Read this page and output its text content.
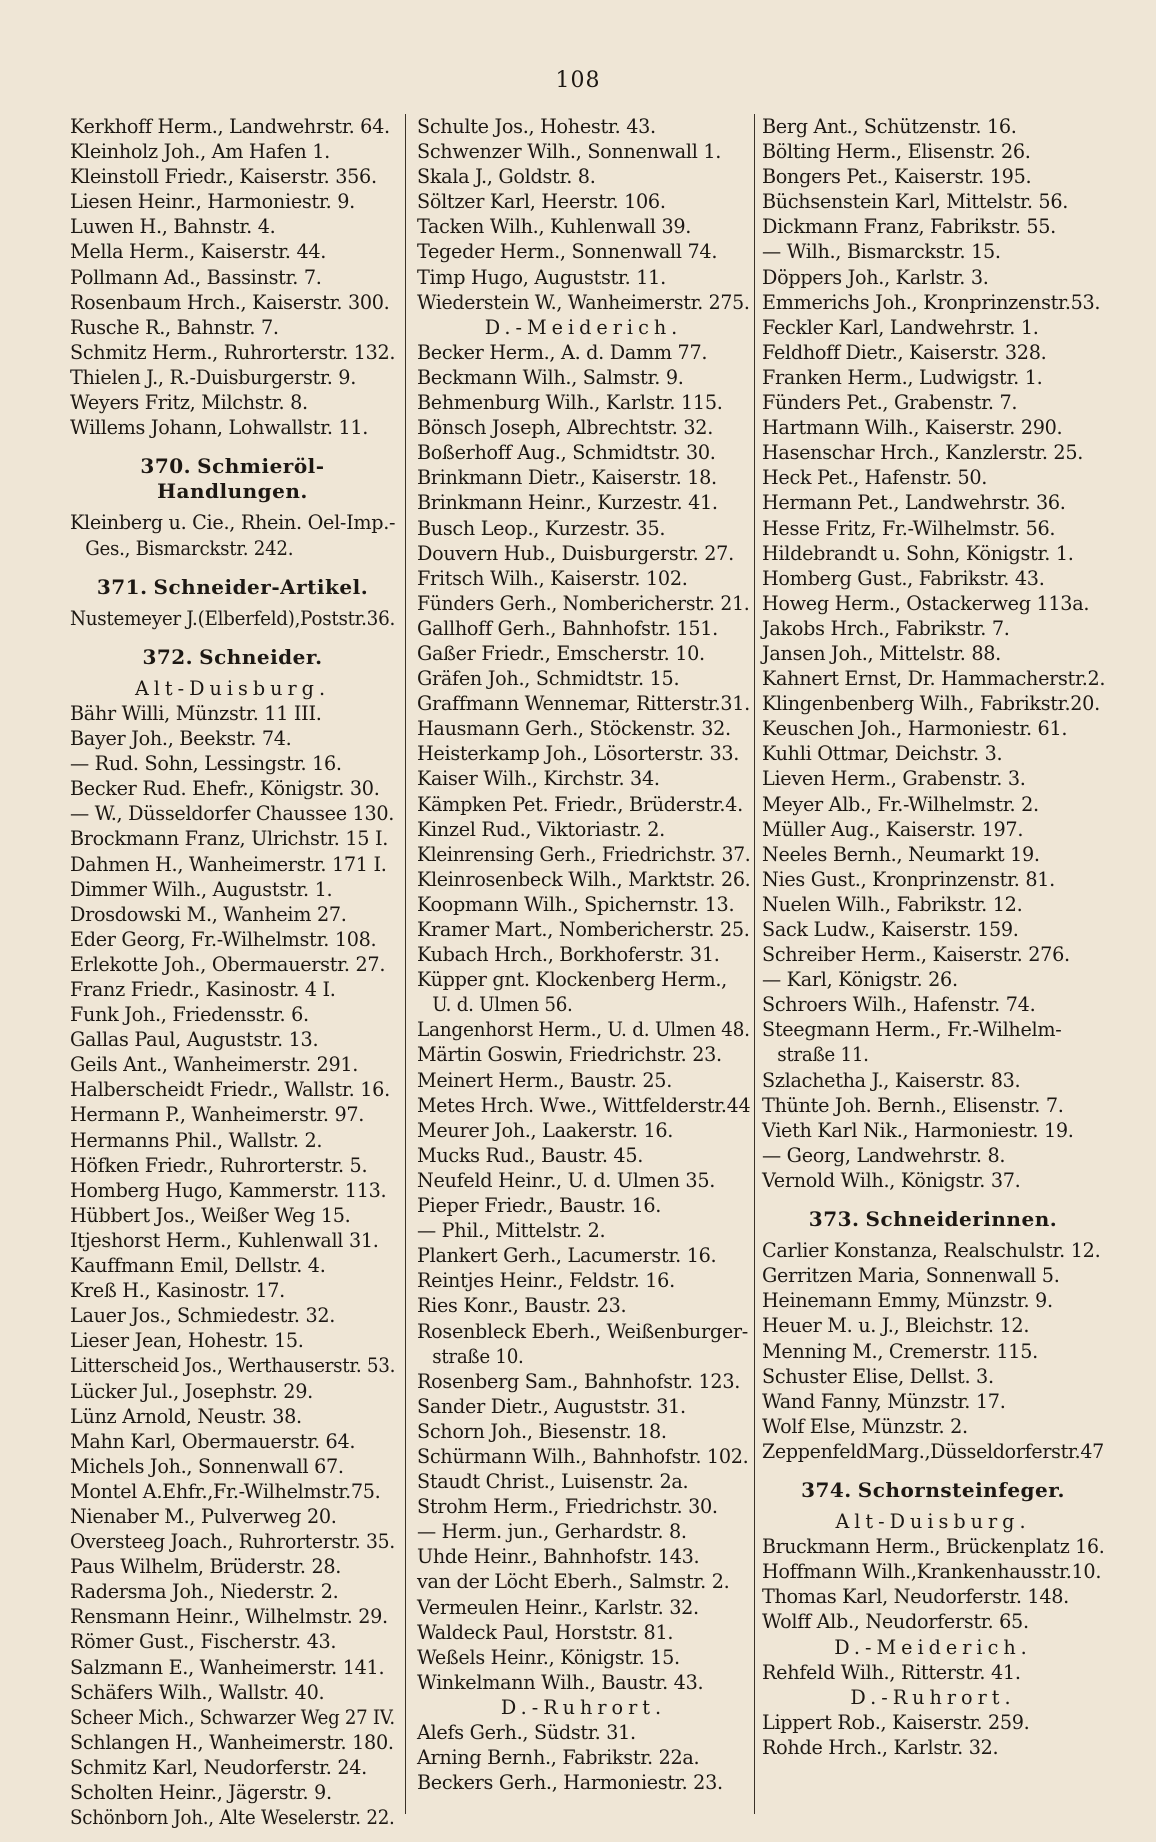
108
Kerkhoff Herm., Landwehrstr. 64.
Kleinholz Joh., Am Hafen 1.
Kleinstoll Friedr., Kaiserstr. 356.
Liesen Heinr., Harmoniestr. 9.
Luwen H., Bahnstr. 4.
Mella Herm., Kaiserstr. 44.
Pollmann Ad., Bassinstr. 7.
Rosenbaum Hrch., Kaiserstr. 300.
Rusche R., Bahnstr. 7.
Schmitz Herm., Ruhrorterstr. 132.
Thielen J., R.-Duisburgerstr. 9.
Weyers Fritz, Milchstr. 8.
Willems Johann, Lohwallstr. 11.
370. Schmieröl-Handlungen.
Kleinberg u. Cie., Rhein. Oel-Imp.-
Ges., Bismarckstr. 242.
371. Schneider-Artikel.
Nustemeyer J.(Elberfeld),Poststr.36.
372. Schneider.
Alt-Duisburg.
Bähr Willi, Münzstr. 11 III.
Bayer Joh., Beekstr. 74.
— Rud. Sohn, Lessingstr. 16.
Becker Rud. Ehefr., Königstr. 30.
— W., Düsseldorfer Chaussee 130.
Brockmann Franz, Ulrichstr. 15 I.
Dahmen H., Wanheimerstr. 171 I.
Dimmer Wilh., Auguststr. 1.
Drosdowski M., Wanheim 27.
Eder Georg, Fr.-Wilhelmstr. 108.
Erlekotte Joh., Obermauerstr. 27.
Franz Friedr., Kasinostr. 4 I.
Funk Joh., Friedensstr. 6.
Gallas Paul, Auguststr. 13.
Geils Ant., Wanheimerstr. 291.
Halberscheidt Friedr., Wallstr. 16.
Hermann P., Wanheimerstr. 97.
Hermanns Phil., Wallstr. 2.
Höfken Friedr., Ruhrorterstr. 5.
Homberg Hugo, Kammerstr. 113.
Hübbert Jos., Weißer Weg 15.
Itjeshorst Herm., Kuhlenwall 31.
Kauffmann Emil, Dellstr. 4.
Kreß H., Kasinostr. 17.
Lauer Jos., Schmiedestr. 32.
Lieser Jean, Hohestr. 15.
Litterscheid Jos., Werthauserstr. 53.
Lücker Jul., Josephstr. 29.
Lünz Arnold, Neustr. 38.
Mahn Karl, Obermauerstr. 64.
Michels Joh., Sonnenwall 67.
Montel A.Ehfr.,Fr.-Wilhelmstr.75.
Nienaber M., Pulverweg 20.
Oversteeg Joach., Ruhrorterstr. 35.
Paus Wilhelm, Brüderstr. 28.
Radersma Joh., Niederstr. 2.
Rensmann Heinr., Wilhelmstr. 29.
Römer Gust., Fischerstr. 43.
Salzmann E., Wanheimerstr. 141.
Schäfers Wilh., Wallstr. 40.
Scheer Mich., Schwarzer Weg 27 IV.
Schlangen H., Wanheimerstr. 180.
Schmitz Karl, Neudorferstr. 24.
Scholten Heinr., Jägerstr. 9.
Schönborn Joh., Alte Weselerstr. 22.
Schulte Jos., Hohestr. 43.
Schwenzer Wilh., Sonnenwall 1.
Skala J., Goldstr. 8.
Söltzer Karl, Heerstr. 106.
Tacken Wilh., Kuhlenwall 39.
Tegeder Herm., Sonnenwall 74.
Timp Hugo, Auguststr. 11.
Wiederstein W., Wanheimerstr. 275.
D.-Meiderich.
Becker Herm., A. d. Damm 77.
Beckmann Wilh., Salmstr. 9.
Behmenburg Wilh., Karlstr. 115.
Bönsch Joseph, Albrechtstr. 32.
Boßerhoff Aug., Schmidtstr. 30.
Brinkmann Dietr., Kaiserstr. 18.
Brinkmann Heinr., Kurzestr. 41.
Busch Leop., Kurzestr. 35.
Douvern Hub., Duisburgerstr. 27.
Fritsch Wilh., Kaiserstr. 102.
Fünders Gerh., Nombericherstr. 21.
Gallhoff Gerh., Bahnhofstr. 151.
Gaßer Friedr., Emscherstr. 10.
Gräfen Joh., Schmidtstr. 15.
Graffmann Wennemar, Ritterstr.31.
Hausmann Gerh., Stöckenstr. 32.
Heisterkamp Joh., Lösorterstr. 33.
Kaiser Wilh., Kirchstr. 34.
Kämpken Pet. Friedr., Brüderstr.4.
Kinzel Rud., Viktoriastr. 2.
Kleinrensing Gerh., Friedrichstr. 37.
Kleinrosenbeck Wilh., Marktstr. 26.
Koopmann Wilh., Spichernstr. 13.
Kramer Mart., Nombericherstr. 25.
Kubach Hrch., Borkhoferstr. 31.
Küpper gnt. Klockenberg Herm.,
U. d. Ulmen 56.
Langenhorst Herm., U. d. Ulmen 48.
Märtin Goswin, Friedrichstr. 23.
Meinert Herm., Baustr. 25.
Metes Hrch. Wwe., Wittfelderstr.44
Meurer Joh., Laakerstr. 16.
Mucks Rud., Baustr. 45.
Neufeld Heinr., U. d. Ulmen 35.
Pieper Friedr., Baustr. 16.
— Phil., Mittelstr. 2.
Plankert Gerh., Lacumerstr. 16.
Reintjes Heinr., Feldstr. 16.
Ries Konr., Baustr. 23.
Rosenbleck Eberh., Weißenburger-
straße 10.
Rosenberg Sam., Bahnhofstr. 123.
Sander Dietr., Auguststr. 31.
Schorn Joh., Biesenstr. 18.
Schürmann Wilh., Bahnhofstr. 102.
Staudt Christ., Luisenstr. 2a.
Strohm Herm., Friedrichstr. 30.
— Herm. jun., Gerhardstr. 8.
Uhde Heinr., Bahnhofstr. 143.
van der Löcht Eberh., Salmstr. 2.
Vermeulen Heinr., Karlstr. 32.
Waldeck Paul, Horststr. 81.
Weßels Heinr., Königstr. 15.
Winkelmann Wilh., Baustr. 43.
D.-Ruhrort.
Alefs Gerh., Südstr. 31.
Arning Bernh., Fabrikstr. 22a.
Beckers Gerh., Harmoniestr. 23.
Berg Ant., Schützenstr. 16.
Bölting Herm., Elisenstr. 26.
Bongers Pet., Kaiserstr. 195.
Büchsenstein Karl, Mittelstr. 56.
Dickmann Franz, Fabrikstr. 55.
— Wilh., Bismarckstr. 15.
Döppers Joh., Karlstr. 3.
Emmerichs Joh., Kronprinzenstr.53.
Feckler Karl, Landwehrstr. 1.
Feldhoff Dietr., Kaiserstr. 328.
Franken Herm., Ludwigstr. 1.
Fünders Pet., Grabenstr. 7.
Hartmann Wilh., Kaiserstr. 290.
Hasenschar Hrch., Kanzlerstr. 25.
Heck Pet., Hafenstr. 50.
Hermann Pet., Landwehrstr. 36.
Hesse Fritz, Fr.-Wilhelmstr. 56.
Hildebrandt u. Sohn, Königstr. 1.
Homberg Gust., Fabrikstr. 43.
Howeg Herm., Ostackerweg 113a.
Jakobs Hrch., Fabrikstr. 7.
Jansen Joh., Mittelstr. 88.
Kahnert Ernst, Dr. Hammacherstr.2.
Klingenbenberg Wilh., Fabrikstr.20.
Keuschen Joh., Harmoniestr. 61.
Kuhli Ottmar, Deichstr. 3.
Lieven Herm., Grabenstr. 3.
Meyer Alb., Fr.-Wilhelmstr. 2.
Müller Aug., Kaiserstr. 197.
Neeles Bernh., Neumarkt 19.
Nies Gust., Kronprinzenstr. 81.
Nuelen Wilh., Fabrikstr. 12.
Sack Ludw., Kaiserstr. 159.
Schreiber Herm., Kaiserstr. 276.
— Karl, Königstr. 26.
Schroers Wilh., Hafenstr. 74.
Steegmann Herm., Fr.-Wilhelm-
straße 11.
Szlachetha J., Kaiserstr. 83.
Thünte Joh. Bernh., Elisenstr. 7.
Vieth Karl Nik., Harmoniestr. 19.
— Georg, Landwehrstr. 8.
Vernold Wilh., Königstr. 37.
373. Schneiderinnen.
Carlier Konstanza, Realschulstr. 12.
Gerritzen Maria, Sonnenwall 5.
Heinemann Emmy, Münzstr. 9.
Heuer M. u. J., Bleichstr. 12.
Menning M., Cremerstr. 115.
Schuster Elise, Dellst. 3.
Wand Fanny, Münzstr. 17.
Wolf Else, Münzstr. 2.
ZeppenfeldMarg.,Düsseldorferstr.47
374. Schornsteinfeger.
Alt-Duisburg.
Bruckmann Herm., Brückenplatz 16.
Hoffmann Wilh.,Krankenhausstr.10.
Thomas Karl, Neudorferstr. 148.
Wolff Alb., Neudorferstr. 65.
D.-Meiderich.
Rehfeld Wilh., Ritterstr. 41.
D.-Ruhrort.
Lippert Rob., Kaiserstr. 259.
Rohde Hrch., Karlstr. 32.
